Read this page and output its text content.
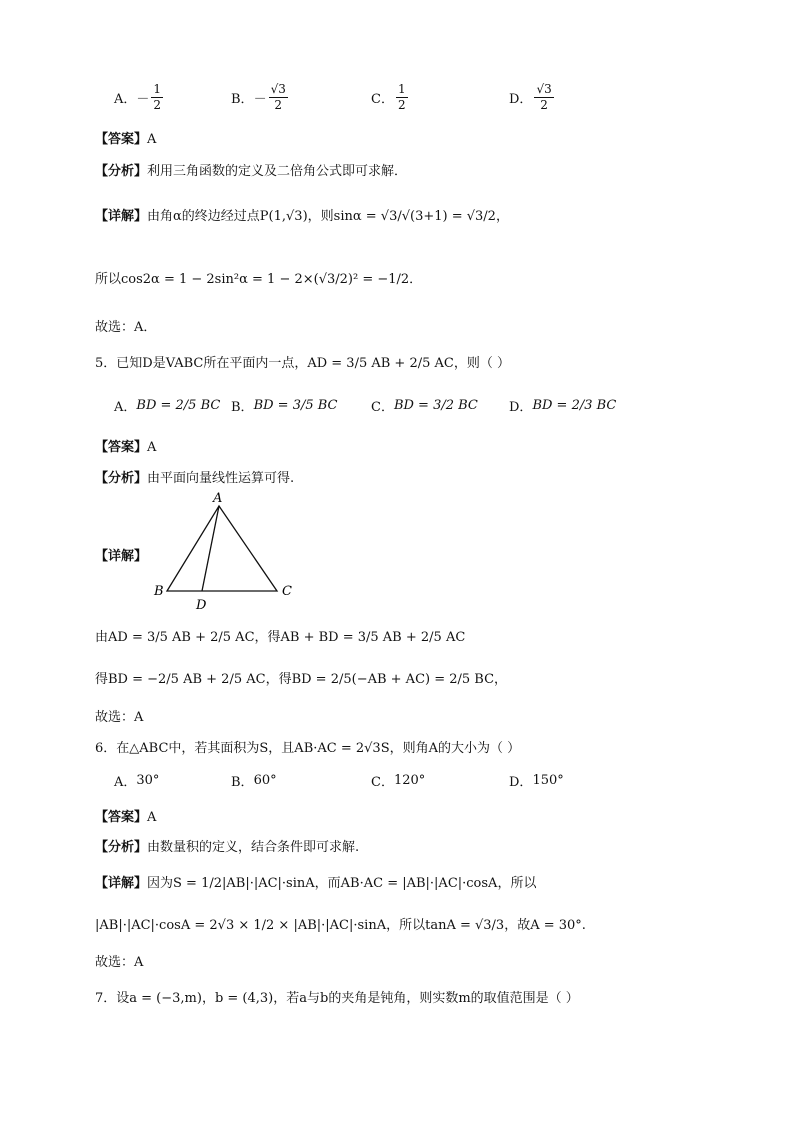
A． － $\frac{1}{2}$	B． － $\frac{√3}{2}$	C． $\frac{1}{2}$	D． $\frac{√3}{2}$
【答案】A
【分析】利用三角函数的定义及二倍角公式即可求解．
【详解】由角α的终边经过点P(1,√3)，则sinα = √3/√(3+1) = √3/2，
所以cos2α = 1 − 2sin²α = 1 − 2×(√3/2)² = −1/2．
故选：A．
5．已知D是VABC所在平面内一点，AD = 3/5 AB + 2/5 AC，则（ ）
A． BD = 2/5 BC B． BD = 3/5 BC	C． BD = 3/2 BC D． BD = 2/3 BC
【答案】A
【分析】由平面向量线性运算可得.
【详解】
A
B	C
D
由AD = 3/5 AB + 2/5 AC，得AB + BD = 3/5 AB + 2/5 AC
得BD = −2/5 AB + 2/5 AC，得BD = 2/5(−AB + AC) = 2/5 BC，
故选：A
6．在△ABC中，若其面积为S，且AB·AC = 2√3S，则角A的大小为（ ）
A． 30°	B． 60°	C． 120°	D． 150°
【答案】A
【分析】由数量积的定义，结合条件即可求解.
【详解】因为S = 1/2|AB|·|AC|·sinA，而AB·AC = |AB|·|AC|·cosA，所以
|AB|·|AC|·cosA = 2√3 × 1/2 × |AB|·|AC|·sinA，所以tanA = √3/3，故A = 30°.
故选：A
7．设a = (−3,m)，b = (4,3)，若a与b的夹角是钝角，则实数m的取值范围是（ ）
